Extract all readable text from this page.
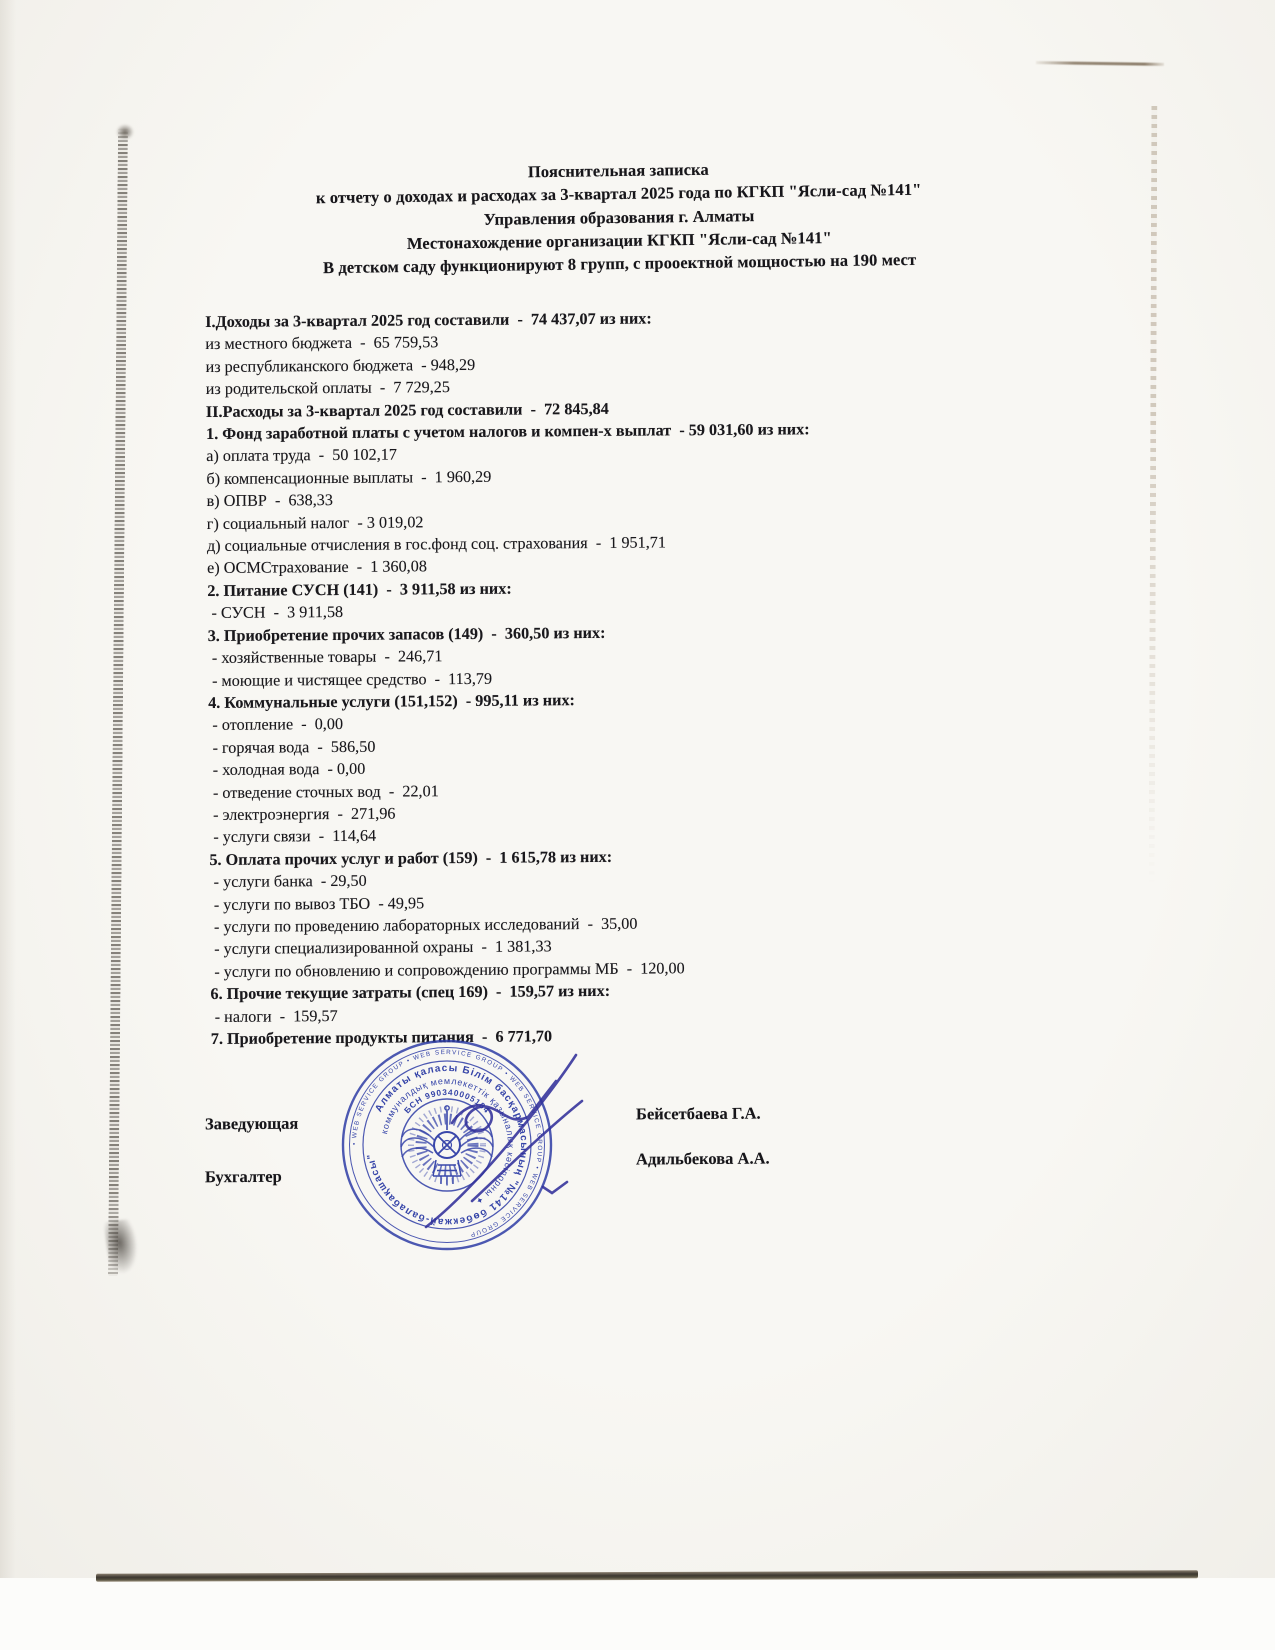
Пояснительная записка
к отчету о доходах и расходах за 3-квартал 2025 года по КГКП "Ясли-сад №141"
Управления образования г. Алматы
Местонахождение организации КГКП "Ясли-сад №141"
В детском саду функционируют 8 групп, с прооектной мощностью на 190 мест
I.Доходы за 3-квартал 2025 год составили  -  74 437,07 из них:
из местного бюджета  -  65 759,53
из республиканского бюджета  - 948,29
из родительской оплаты  -  7 729,25
II.Расходы за 3-квартал 2025 год составили  -  72 845,84
1. Фонд заработной платы с учетом налогов и компен-х выплат  - 59 031,60 из них:
а) оплата труда  -  50 102,17
б) компенсационные выплаты  -  1 960,29
в) ОПВР  -  638,33
г) социальный налог  - 3 019,02
д) социальные отчисления в гос.фонд соц. страхования  -  1 951,71
е) ОСМСтрахование  -  1 360,08
2. Питание СУСН (141)  -  3 911,58 из них:
- СУСН  -  3 911,58
3. Приобретение прочих запасов (149)  -  360,50 из них:
- хозяйственные товары  -  246,71
- моющие и чистящее средство  -  113,79
4. Коммунальные услуги (151,152)  - 995,11 из них:
- отопление  -  0,00
- горячая вода  -  586,50
- холодная вода  - 0,00
- отведение сточных вод  -  22,01
- электроэнергия  -  271,96
- услуги связи  -  114,64
5. Оплата прочих услуг и работ (159)  -  1 615,78 из них:
- услуги банка  - 29,50
- услуги по вывоз ТБО  - 49,95
- услуги по проведению лабораторных исследований  -  35,00
- услуги специализированной охраны  -  1 381,33
- услуги по обновлению и сопровождению программы МБ  -  120,00
6. Прочие текущие затраты (спец 169)  -  159,57 из них:
- налоги  -  159,57
7. Приобретение продукты питания  -  6 771,70
Заведующая
Бейсетбаева Г.А.
Бухгалтер
Адильбекова А.А.
• WEB SERVICE GROUP • WEB SERVICE GROUP • WEB SERVICE GROUP • WEB SERVICE GROUP
Алматы қаласы Білім басқармасының "№141 бөбекжай-балабақшасы"
коммуналдық мемлекеттік қазыналық кәсіпорны ✦
БСН 990340005184
